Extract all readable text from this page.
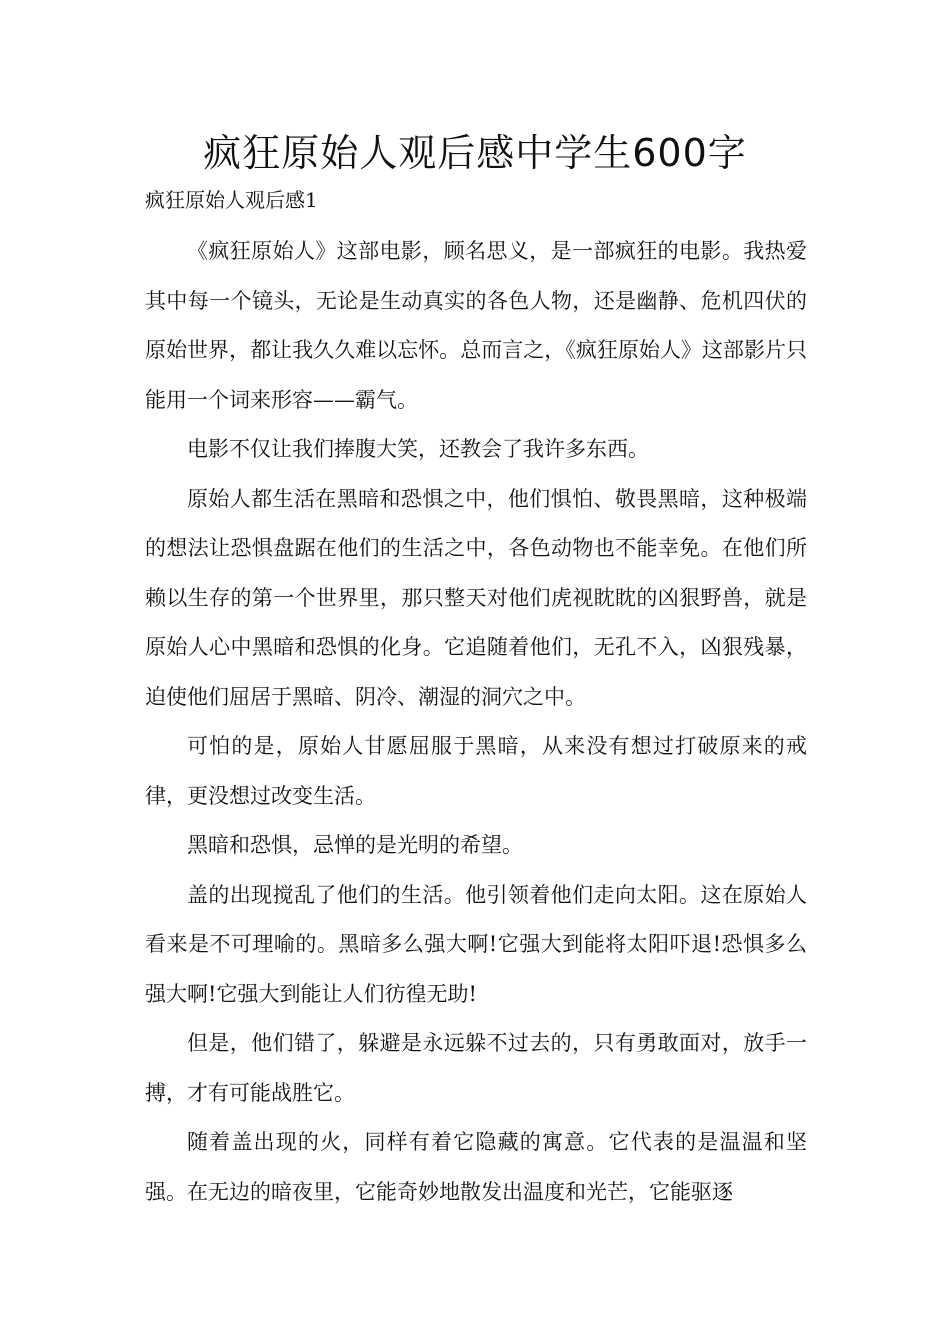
疯狂原始人观后感中学生600字
疯狂原始人观后感1

《疯狂原始人》这部电影，顾名思义，是一部疯狂的电影。我热爱其中每一个镜头，无论是生动真实的各色人物，还是幽静、危机四伏的原始世界，都让我久久难以忘怀。总而言之，《疯狂原始人》这部影片只能用一个词来形容——霸气。

电影不仅让我们捧腹大笑，还教会了我许多东西。

原始人都生活在黑暗和恐惧之中，他们惧怕、敬畏黑暗，这种极端的想法让恐惧盘踞在他们的生活之中，各色动物也不能幸免。在他们所赖以生存的第一个世界里，那只整天对他们虎视眈眈的凶狠野兽，就是原始人心中黑暗和恐惧的化身。它追随着他们，无孔不入，凶狠残暴，迫使他们屈居于黑暗、阴冷、潮湿的洞穴之中。

可怕的是，原始人甘愿屈服于黑暗，从来没有想过打破原来的戒律，更没想过改变生活。

黑暗和恐惧，忌惮的是光明的希望。

盖的出现搅乱了他们的生活。他引领着他们走向太阳。这在原始人看来是不可理喻的。黑暗多么强大啊!它强大到能将太阳吓退!恐惧多么强大啊!它强大到能让人们彷徨无助!

但是，他们错了，躲避是永远躲不过去的，只有勇敢面对，放手一搏，才有可能战胜它。

随着盖出现的火，同样有着它隐藏的寓意。它代表的是温温和坚强。在无边的暗夜里，它能奇妙地散发出温度和光芒，它能驱逐
